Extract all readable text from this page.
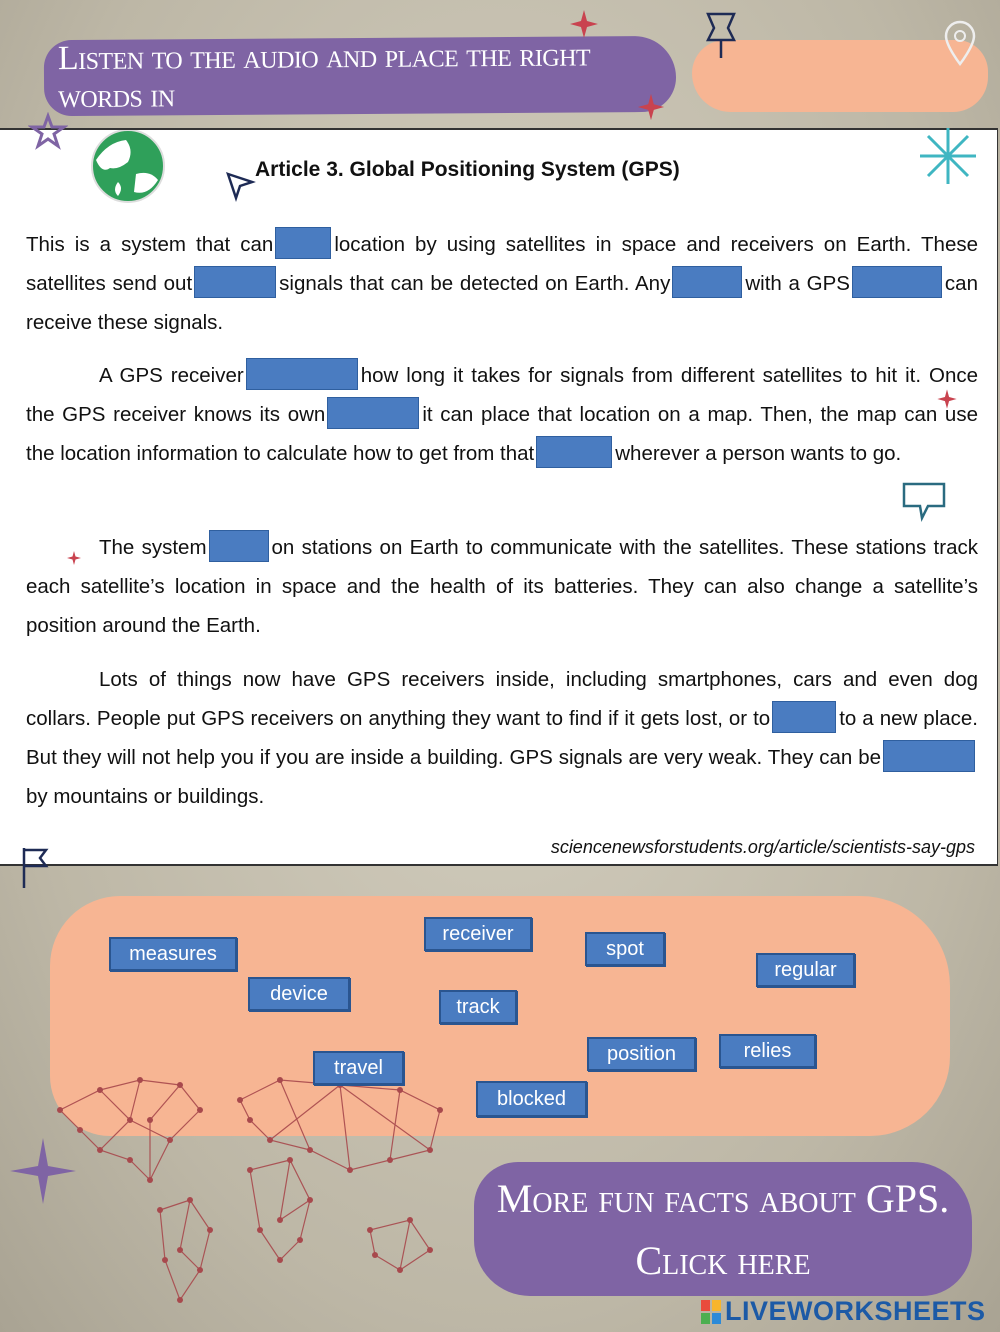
Listen to the audio and place the right words in
Article 3. Global Positioning System (GPS)

This is a system that can	location by using satellites in space and receivers on Earth. These satellites send out	signals that can be detected on Earth. Any	with a GPS	can receive these signals.

A GPS receiver	how long it takes for signals from different satellites to hit it. Once the GPS receiver knows its own	it can place that location on a map. Then, the map can use the location information to calculate how to get from that	wherever a person wants to go.

The system	on stations on Earth to communicate with the satellites. These stations track each satellite’s location in space and the health of its batteries. They can also change a satellite’s position around the Earth.

Lots of things now have GPS receivers inside, including smartphones, cars and even dog collars. People put GPS receivers on anything they want to find if it gets lost, or to	to a new place. But they will not help you if you are inside a building. GPS signals are very weak. They can beby mountains or buildings.

sciencenewsforstudents.org/article/scientists-say-gps
measures
receiver
spot
regular
device
track
travel
position	relies
blocked
More fun facts about GPS. Click here
LIVEWORKSHEETS
